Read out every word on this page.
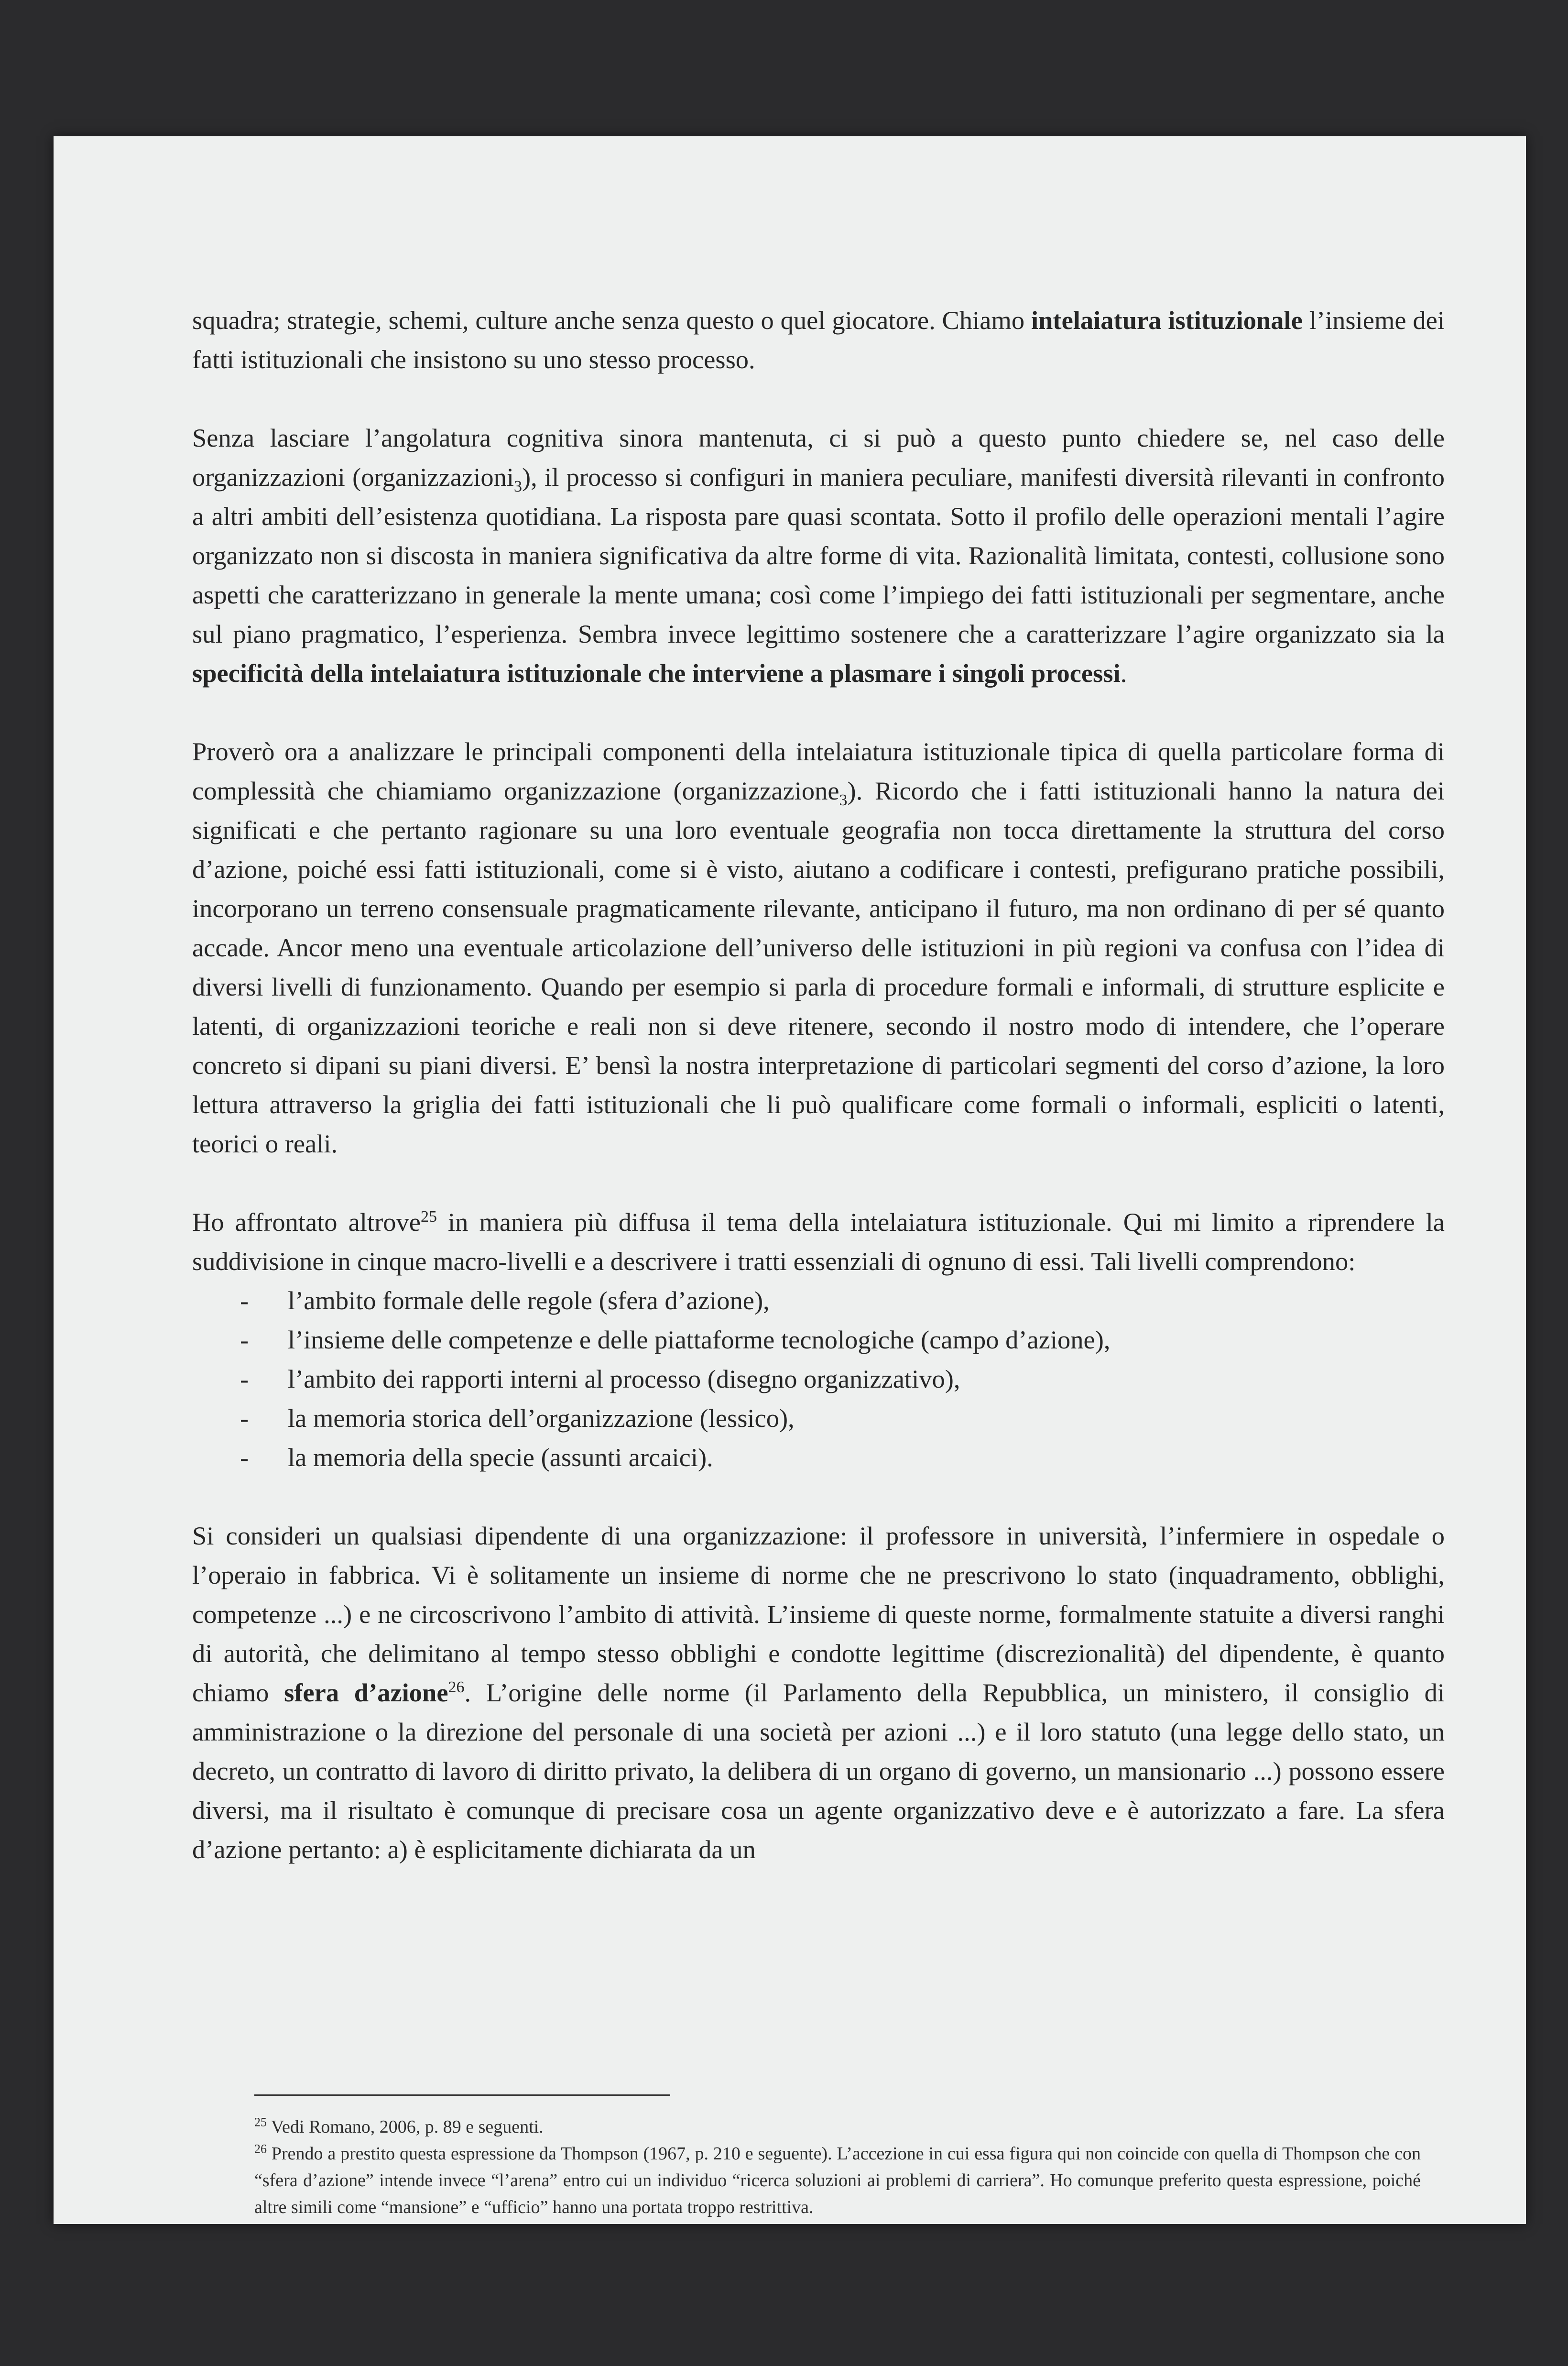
squadra; strategie, schemi, culture anche senza questo o quel giocatore. Chiamo intelaiatura istituzionale l’insieme dei fatti istituzionali che insistono su uno stesso processo.

Senza lasciare l’angolatura cognitiva sinora mantenuta, ci si può a questo punto chiedere se, nel caso delle organizzazioni (organizzazioni$_3$), il processo si configuri in maniera peculiare, manifesti diversità rilevanti in confronto a altri ambiti dell’esistenza quotidiana. La risposta pare quasi scontata. Sotto il profilo delle operazioni mentali l’agire organizzato non si discosta in maniera significativa da altre forme di vita. Razionalità limitata, contesti, collusione sono aspetti che caratterizzano in generale la mente umana; così come l’impiego dei fatti istituzionali per segmentare, anche sul piano pragmatico, l’esperienza. Sembra invece legittimo sostenere che a caratterizzare l’agire organizzato sia la specificità della intelaiatura istituzionale che interviene a plasmare i singoli processi.

Proverò ora a analizzare le principali componenti della intelaiatura istituzionale tipica di quella particolare forma di complessità che chiamiamo organizzazione (organizzazione$_3$). Ricordo che i fatti istituzionali hanno la natura dei significati e che pertanto ragionare su una loro eventuale geografia non tocca direttamente la struttura del corso d’azione, poiché essi fatti istituzionali, come si è visto, aiutano a codificare i contesti, prefigurano pratiche possibili, incorporano un terreno consensuale pragmaticamente rilevante, anticipano il futuro, ma non ordinano di per sé quanto accade. Ancor meno una eventuale articolazione dell’universo delle istituzioni in più regioni va confusa con l’idea di diversi livelli di funzionamento. Quando per esempio si parla di procedure formali e informali, di strutture esplicite e latenti, di organizzazioni teoriche e reali non si deve ritenere, secondo il nostro modo di intendere, che l’operare concreto si dipani su piani diversi. E’ bensì la nostra interpretazione di particolari segmenti del corso d’azione, la loro lettura attraverso la griglia dei fatti istituzionali che li può qualificare come formali o informali, espliciti o latenti, teorici o reali.

Ho affrontato altrove$^{25}$ in maniera più diffusa il tema della intelaiatura istituzionale. Qui mi limito a riprendere la suddivisione in cinque macro-livelli e a descrivere i tratti essenziali di ognuno di essi. Tali livelli comprendono:

- l’ambito formale delle regole (sfera d’azione),
- l’insieme delle competenze e delle piattaforme tecnologiche (campo d’azione),
- l’ambito dei rapporti interni al processo (disegno organizzativo),
- la memoria storica dell’organizzazione (lessico),
- la memoria della specie (assunti arcaici).

Si consideri un qualsiasi dipendente di una organizzazione: il professore in università, l’infermiere in ospedale o l’operaio in fabbrica. Vi è solitamente un insieme di norme che ne prescrivono lo stato (inquadramento, obblighi, competenze ...) e ne circoscrivono l’ambito di attività. L’insieme di queste norme, formalmente statuite a diversi ranghi di autorità, che delimitano al tempo stesso obblighi e condotte legittime (discrezionalità) del dipendente, è quanto chiamo sfera d’azione$^{26}$. L’origine delle norme (il Parlamento della Repubblica, un ministero, il consiglio di amministrazione o la direzione del personale di una società per azioni ...) e il loro statuto (una legge dello stato, un decreto, un contratto di lavoro di diritto privato, la delibera di un organo di governo, un mansionario ...) possono essere diversi, ma il risultato è comunque di precisare cosa un agente organizzativo deve e è autorizzato a fare. La sfera d’azione pertanto: a) è esplicitamente dichiarata da un

$^{25}$ Vedi Romano, 2006, p. 89 e seguenti.

$^{26}$ Prendo a prestito questa espressione da Thompson (1967, p. 210 e seguente). L’accezione in cui essa figura qui non coincide con quella di Thompson che con “sfera d’azione” intende invece “l’arena” entro cui un individuo “ricerca soluzioni ai problemi di carriera”. Ho comunque preferito questa espressione, poiché altre simili come “mansione” e “ufficio” hanno una portata troppo restrittiva.
